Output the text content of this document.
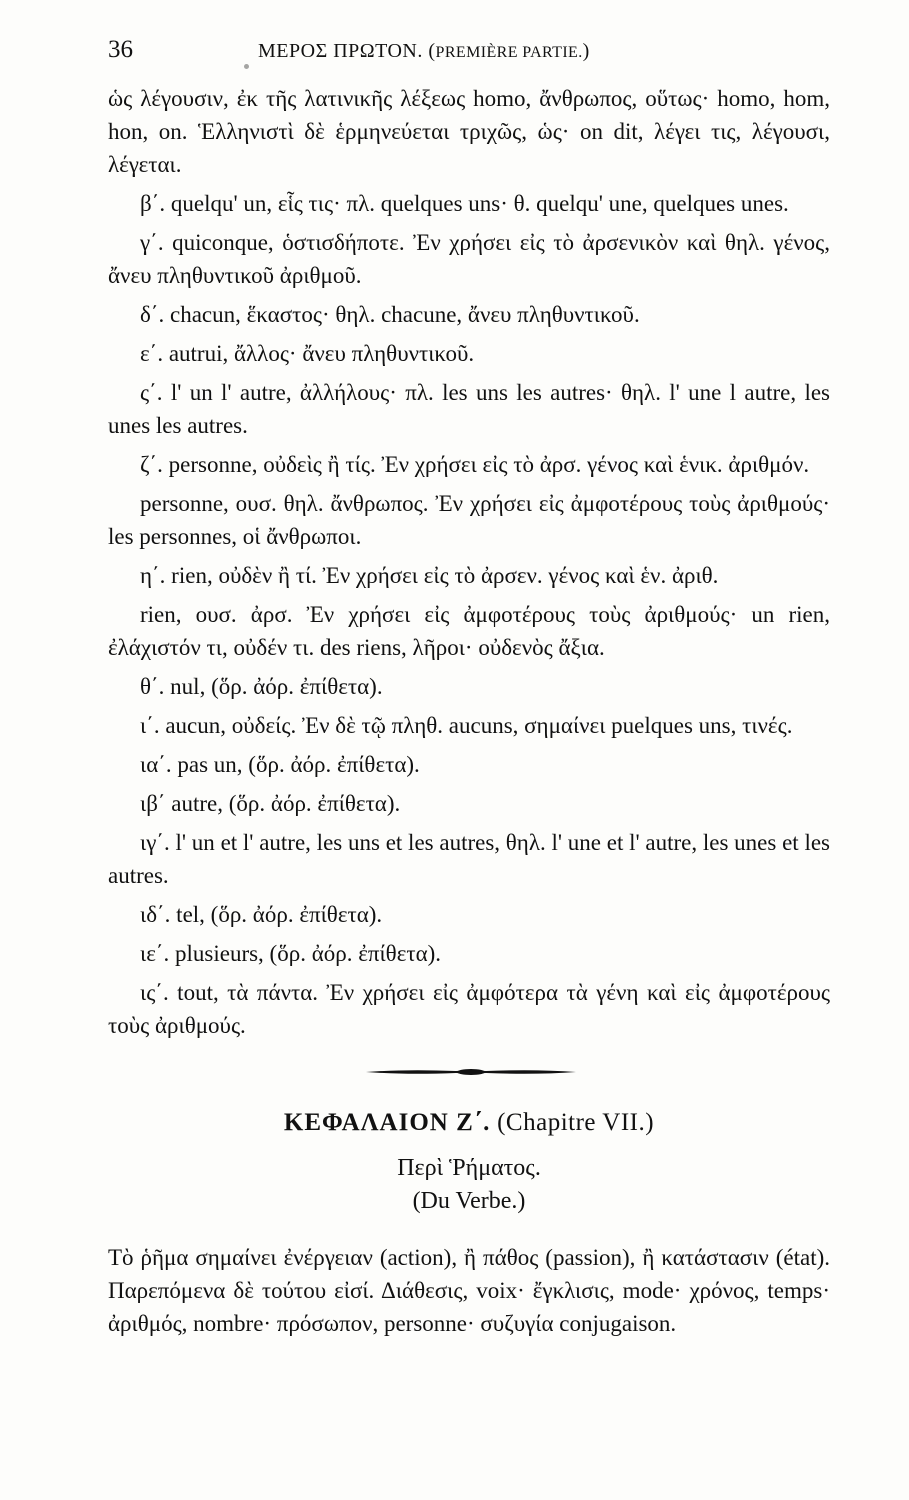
36	ΜΕΡΟΣ ΠΡΩΤΟΝ. (PREMIÈRE PARTIE.)

ὡς λέγουσιν, ἐκ τῆς λατινικῆς λέξεως homo, ἄνθρωπος, οὕτως· homo, hom, hon, on. Ἑλληνιστὶ δὲ ἑρμηνεύεται τριχῶς, ὡς· on dit, λέγει τις, λέγουσι, λέγεται.

β΄. quelqu' un, εἷς τις· πλ. quelques uns· θ. quelqu' une, quelques unes.

γ΄. quiconque, ὁστισδήποτε. Ἐν χρήσει εἰς τὸ ἀρσενικὸν καὶ θηλ. γένος, ἄνευ πληθυντικοῦ ἀριθμοῦ.

δ΄. chacun, ἕκαστος· θηλ. chacune, ἄνευ πληθυντικοῦ.

ε΄. autrui, ἄλλος· ἄνευ πληθυντικοῦ.

ς΄. l' un l' autre, ἀλλήλους· πλ. les uns les autres· θηλ. l' une l autre, les unes les autres.

ζ΄. personne, οὐδεὶς ἢ τίς. Ἐν χρήσει εἰς τὸ ἀρσ. γένος καὶ ἑνικ. ἀριθμόν.

personne, ουσ. θηλ. ἄνθρωπος. Ἐν χρήσει εἰς ἀμφοτέρους τοὺς ἀριθμούς· les personnes, οἱ ἄνθρωποι.

η΄. rien, οὐδὲν ἢ τί. Ἐν χρήσει εἰς τὸ ἀρσεν. γένος καὶ ἑν. ἀριθ.

rien, ουσ. ἀρσ. Ἐν χρήσει εἰς ἀμφοτέρους τοὺς ἀριθμούς· un rien, ἐλάχιστόν τι, οὐδέν τι. des riens, λῆροι· οὐδενὸς ἄξια.

θ΄. nul, (ὅρ. ἀόρ. ἐπίθετα).

ι΄. aucun, οὐδείς. Ἐν δὲ τῷ πληθ. aucuns, σημαίνει puelques uns, τινές.

ια΄. pas un, (ὅρ. ἀόρ. ἐπίθετα).

ιβ΄ autre, (ὅρ. ἀόρ. ἐπίθετα).

ιγ΄. l' un et l' autre, les uns et les autres, θηλ. l' une et l' autre, les unes et les autres.

ιδ΄. tel, (ὅρ. ἀόρ. ἐπίθετα).

ιε΄. plusieurs, (ὅρ. ἀόρ. ἐπίθετα).

ις΄. tout, τὰ πάντα. Ἐν χρήσει εἰς ἀμφότερα τὰ γένη καὶ εἰς ἀμφοτέρους τοὺς ἀριθμούς.

ΚΕΦΑΛΑΙΟΝ Ζ΄. (Chapitre VII.)
Περὶ Ῥήματος.
(Du Verbe.)

Τὸ ῥῆμα σημαίνει ἐνέργειαν (action), ἢ πάθος (passion), ἢ κατάστασιν (état). Παρεπόμενα δὲ τούτου εἰσί. Διάθεσις, voix· ἔγκλισις, mode· χρόνος, temps· ἀριθμός, nombre· πρόσωπον, personne· συζυγία conjugaison.
